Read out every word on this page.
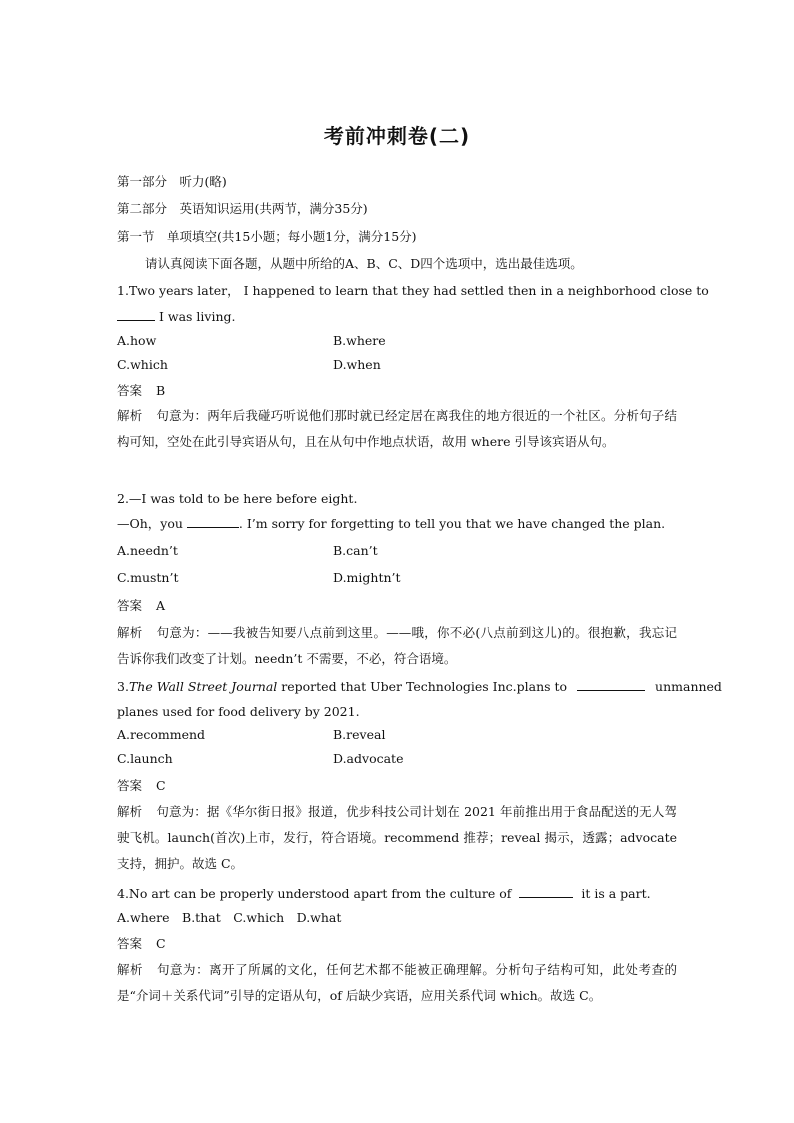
考前冲刺卷(二)
第一部分　听力(略)
第二部分　英语知识运用(共两节，满分35分)
第一节　单项填空(共15小题；每小题1分，满分15分)
请认真阅读下面各题，从题中所给的A、B、C、D四个选项中，选出最佳选项。
1.Two years later， I happened to learn that they had settled then in a neighborhood close to
I was living.
A.how	B.where
C.which	D.when
答案 B
解析 句意为：两年后我碰巧听说他们那时就已经定居在离我住的地方很近的一个社区。分析句子结构可知，空处在此引导宾语从句，且在从句中作地点状语，故用 where 引导该宾语从句。
2.—I was told to be here before eight.
—Oh，you	. I’m sorry for forgetting to tell you that we have changed the plan.
A.needn’t	B.can’t
C.mustn’t	D.mightn’t
答案 A
解析 句意为：——我被告知要八点前到这里。——哦，你不必(八点前到这儿)的。很抱歉，我忘记告诉你我们改变了计划。needn’t 不需要，不必，符合语境。
3.The Wall Street Journal reported that Uber Technologies Inc.plans to	unmanned
planes used for food delivery by 2021.
A.recommend	B.reveal
C.launch	D.advocate
答案 C
解析 句意为：据《华尔街日报》报道，优步科技公司计划在 2021 年前推出用于食品配送的无人驾驶飞机。launch(首次)上市，发行，符合语境。recommend 推荐；reveal 揭示，透露；advocate 支持，拥护。故选 C。
4.No art can be properly understood apart from the culture of	it is a part.
A.where　B.that　C.which　D.what
答案 C
解析 句意为：离开了所属的文化，任何艺术都不能被正确理解。分析句子结构可知，此处考查的是“介词＋关系代词”引导的定语从句，of 后缺少宾语，应用关系代词 which。故选 C。
